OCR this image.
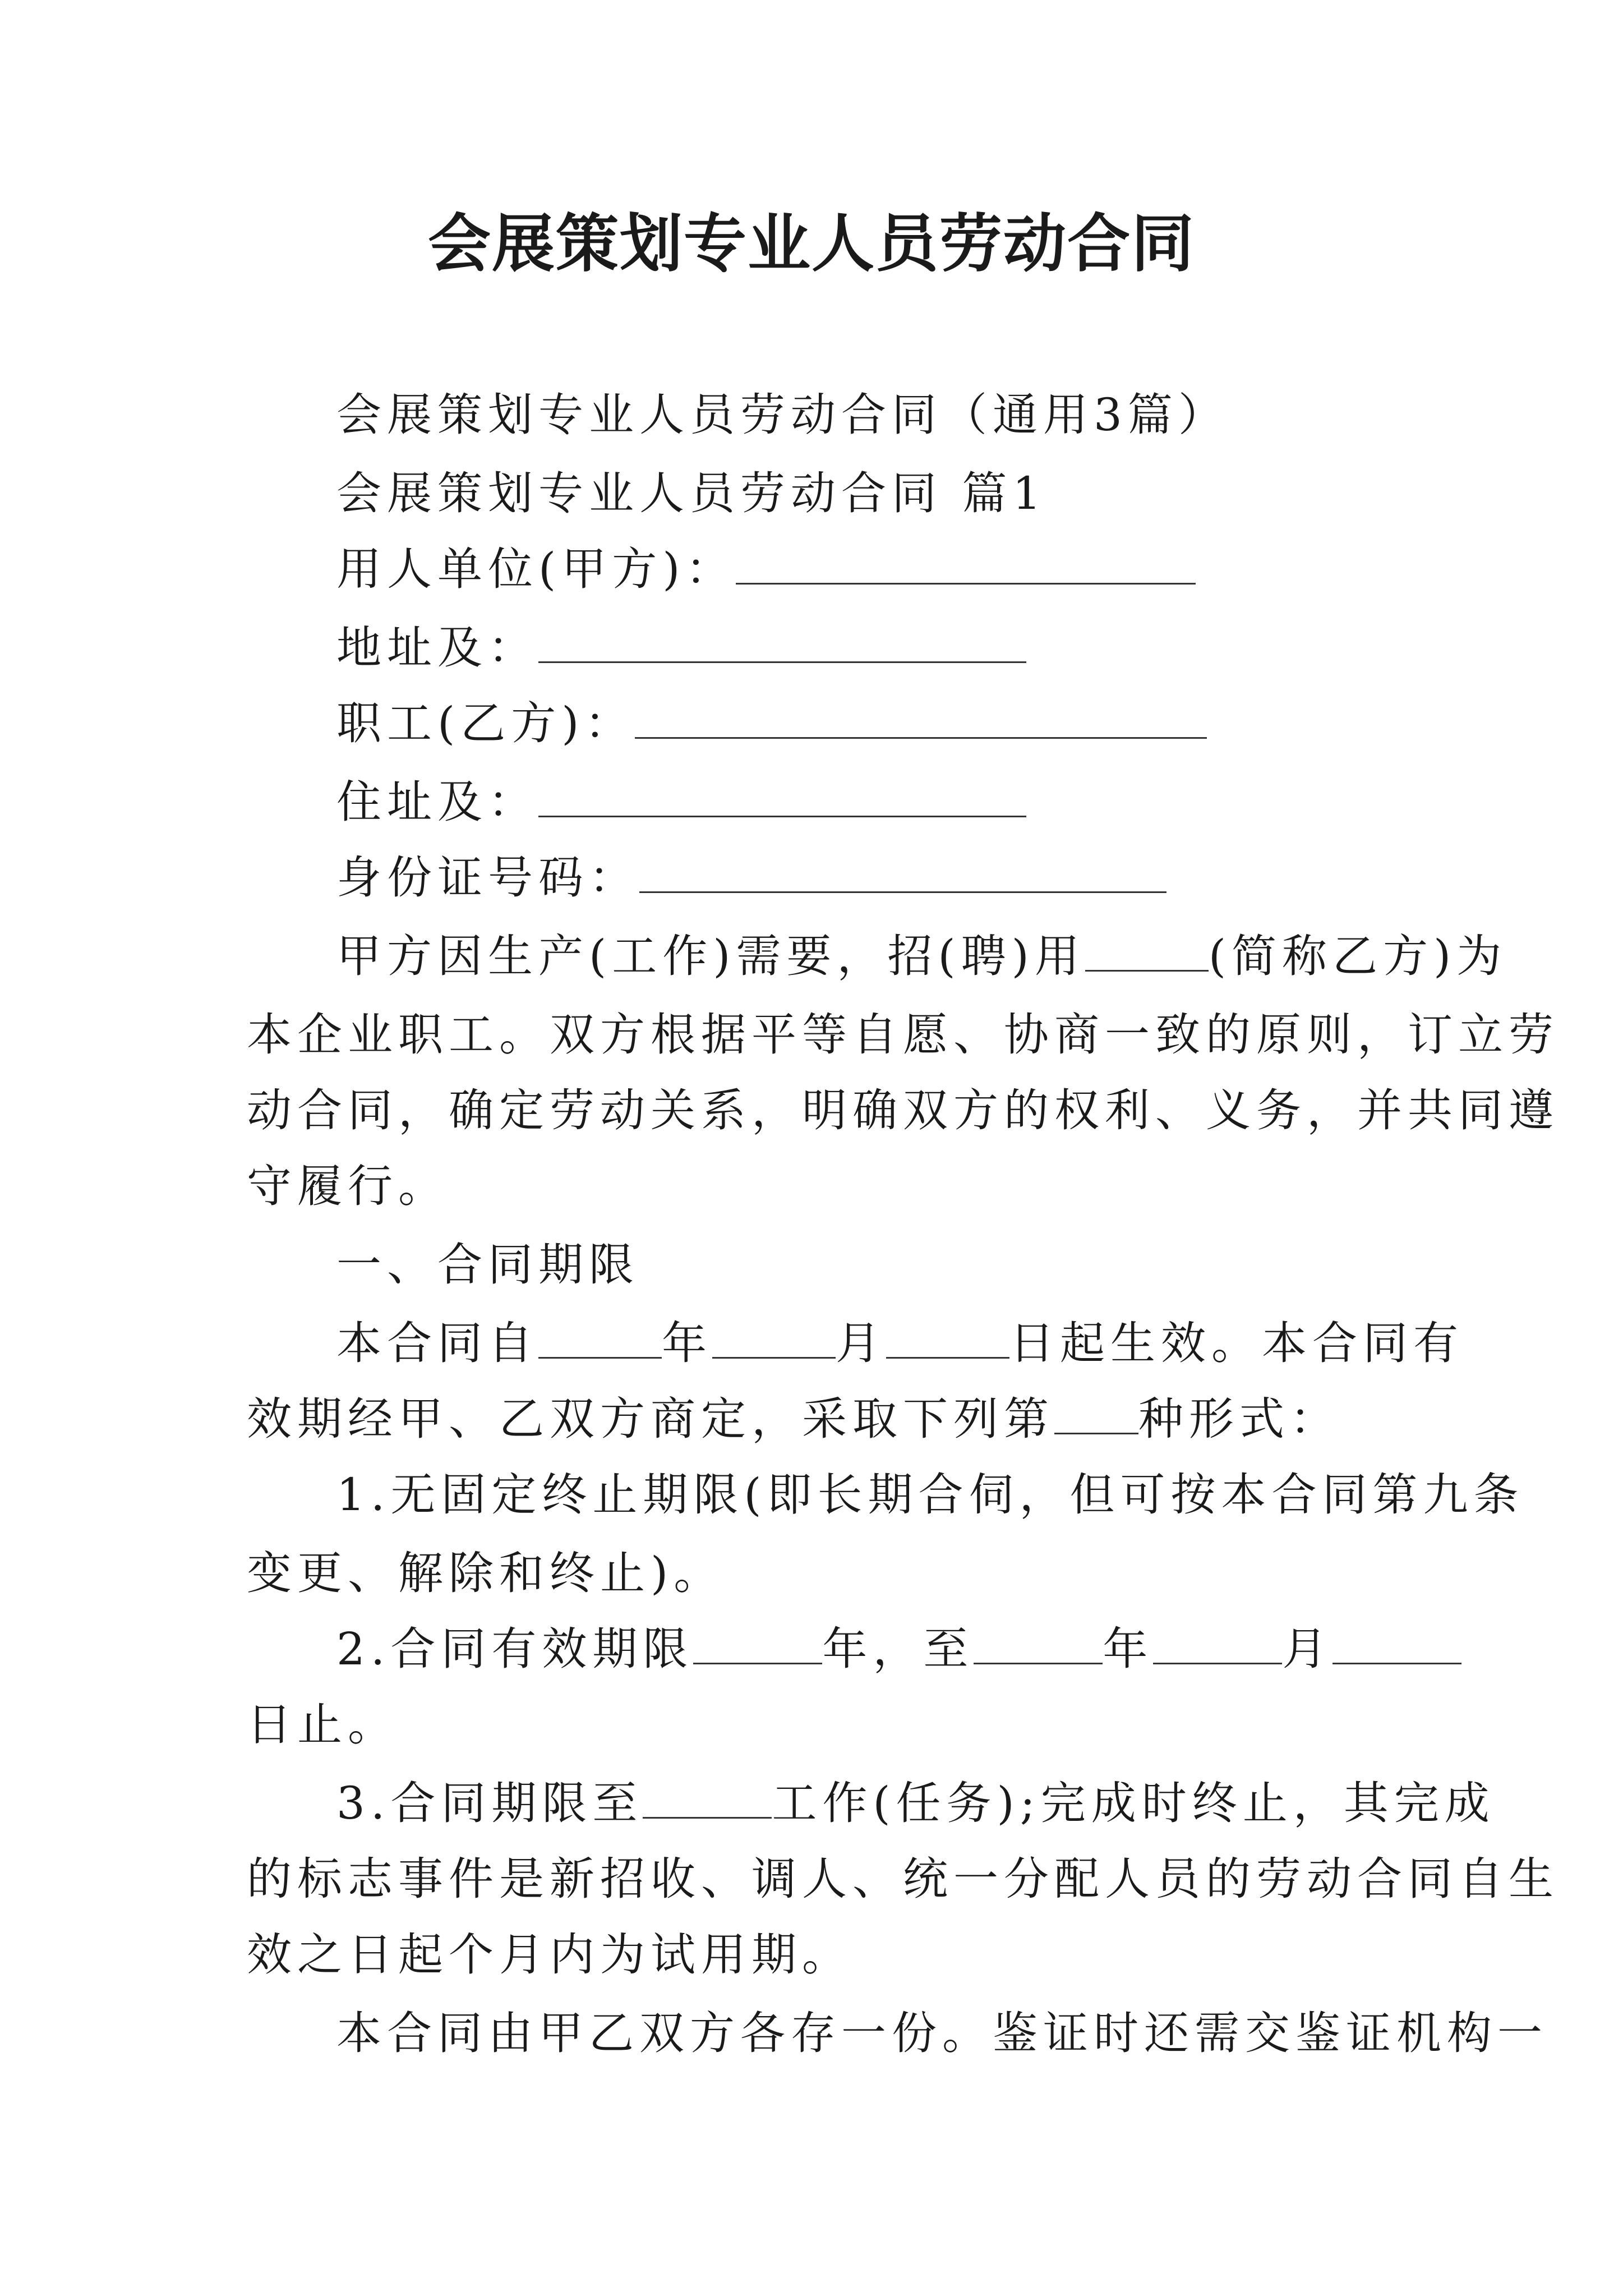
会展策划专业人员劳动合同
会展策划专业人员劳动合同（通用3篇）
会展策划专业人员劳动合同 篇1
用人单位(甲方)：
地址及：
职工(乙方)：
住址及：
身份证号码：
甲方因生产(工作)需要，招(聘)用	(简称乙方)为
本企业职工。双方根据平等自愿、协商一致的原则，订立劳
动合同，确定劳动关系，明确双方的权利、义务，并共同遵
守履行。
一、合同期限
本合同自	年	月	日起生效。本合同有
效期经甲、乙双方商定，采取下列第 种形式：
1.无固定终止期限(即长期合伺，但可按本合同第九条
变更、解除和终止)。
2.合同有效期限	年，至	年	月
日止。
3.合同期限至	工作(任务);完成时终止，其完成
的标志事件是新招收、调人、统一分配人员的劳动合同自生
效之日起个月内为试用期。
本合同由甲乙双方各存一份。鉴证时还需交鉴证机构一
